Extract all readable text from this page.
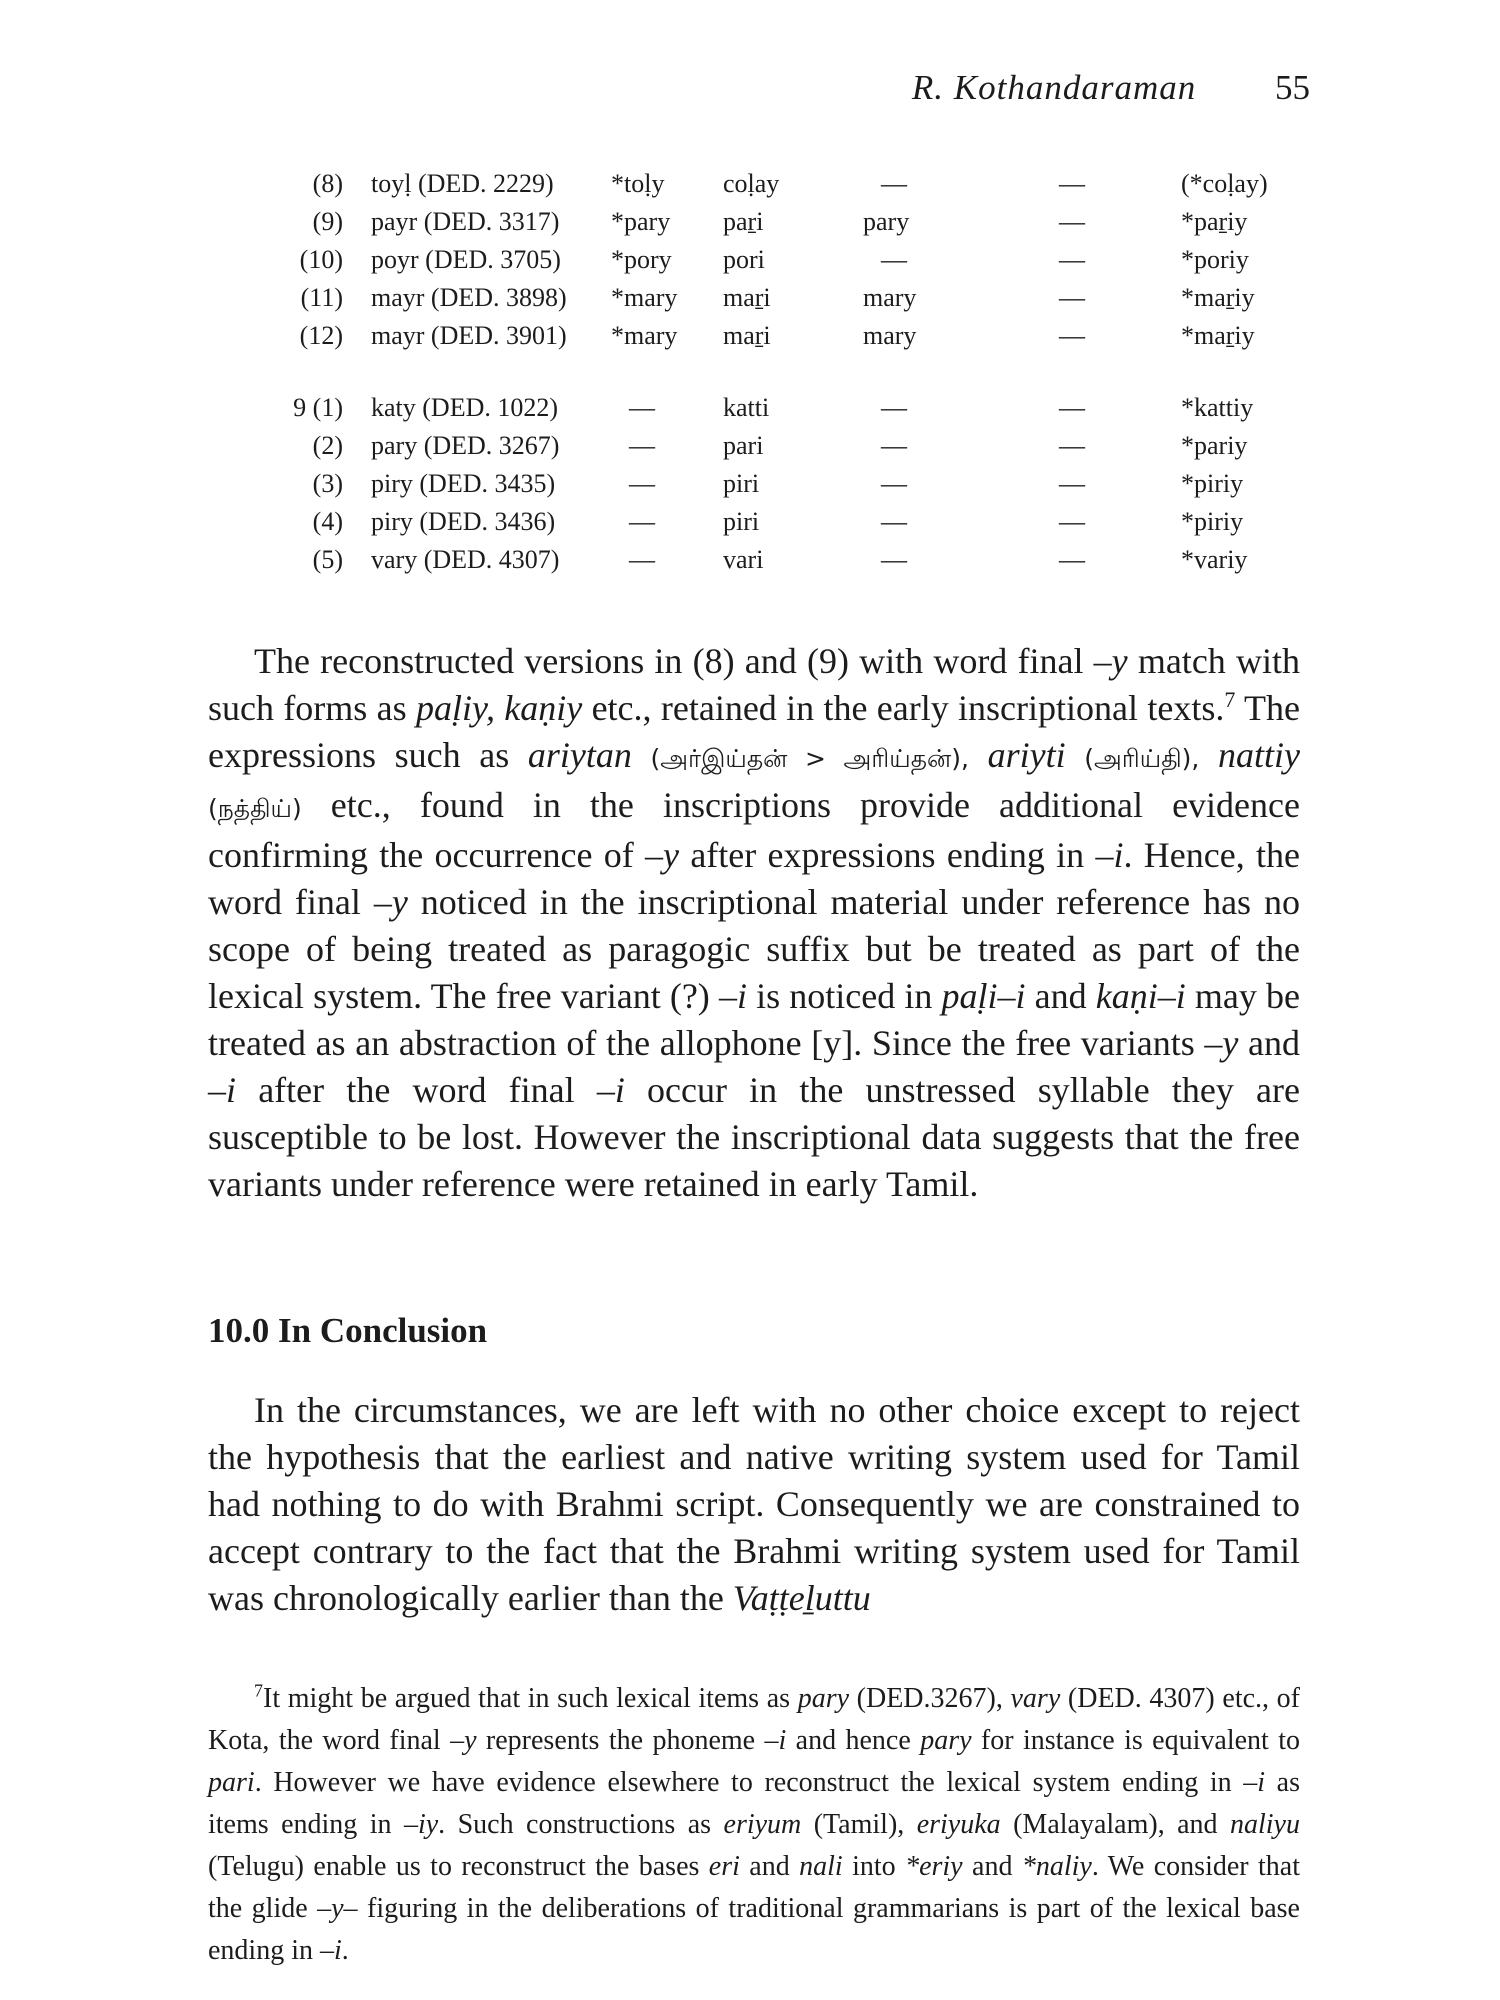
R. Kothandaraman 55
(8)	toyḷ (DED. 2229)	*toḷy	coḷay	—	—	(*coḷay)
(9)	payr (DED. 3317)	*pary	paṟi	pary	—	*paṟiy
(10)	poyr (DED. 3705)	*pory	pori	—	—	*poriy
(11)	mayr (DED. 3898)	*mary	maṟi	mary	—	*maṟiy
(12)	mayr (DED. 3901)	*mary	maṟi	mary	—	*maṟiy

9 (1)	katy (DED. 1022)	—	katti	—	—	*kattiy
(2)	pary (DED. 3267)	—	pari	—	—	*pariy
(3)	piry (DED. 3435)	—	piri	—	—	*piriy
(4)	piry (DED. 3436)	—	piri	—	—	*piriy
(5)	vary (DED. 4307)	—	vari	—	—	*variy

The reconstructed versions in (8) and (9) with word final –y match with such forms as paḷiy, kaṇiy etc., retained in the early inscriptional texts.$^7$ The expressions such as ariytan (அர்இய்தன் > அரிய்தன்), ariyti (அரிய்தி), nattiy (நத்திய்) etc., found in the inscriptions provide additional evidence confirming the occurrence of –y after expressions ending in –i. Hence, the word final –y noticed in the inscriptional material under reference has no scope of being treated as paragogic suffix but be treated as part of the lexical system. The free variant (?) –i is noticed in paḷi–i and kaṇi–i may be treated as an abstraction of the allophone [y]. Since the free variants –y and –i after the word final –i occur in the unstressed syllable they are susceptible to be lost. However the inscriptional data suggests that the free variants under reference were retained in early Tamil.

10.0 In Conclusion

In the circumstances, we are left with no other choice except to reject the hypothesis that the earliest and native writing system used for Tamil had nothing to do with Brahmi script. Consequently we are constrained to accept contrary to the fact that the Brahmi writing system used for Tamil was chronologically earlier than the Vaṭṭeḻuttu

$^7$It might be argued that in such lexical items as pary (DED.3267), vary (DED. 4307) etc., of Kota, the word final –y represents the phoneme –i and hence pary for instance is equivalent to pari. However we have evidence elsewhere to reconstruct the lexical system ending in –i as items ending in –iy. Such constructions as eriyum (Tamil), eriyuka (Malayalam), and naliyu (Telugu) enable us to reconstruct the bases eri and nali into *eriy and *naliy. We consider that the glide –y– figuring in the deliberations of traditional grammarians is part of the lexical base ending in –i.
